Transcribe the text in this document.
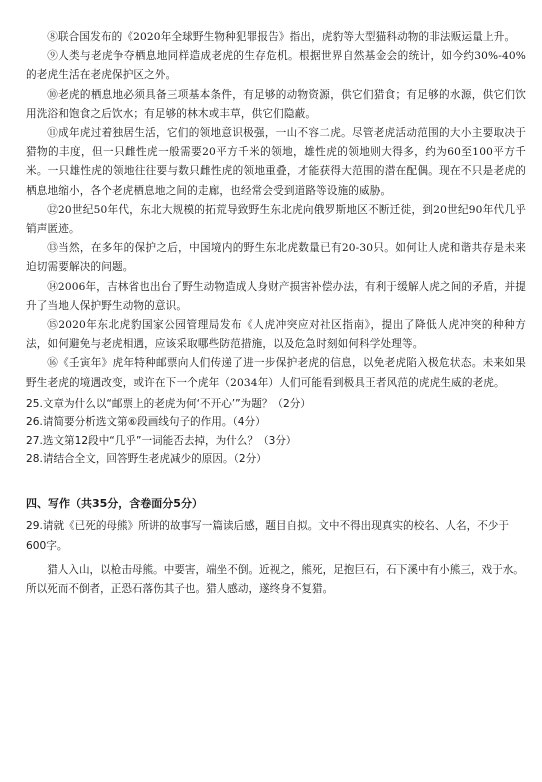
⑧联合国发布的《2020年全球野生物种犯罪报告》指出，虎豹等大型猫科动物的非法贩运量上升。

⑨人类与老虎争夺栖息地同样造成老虎的生存危机。根据世界自然基金会的统计，如今约30%-40%的老虎生活在老虎保护区之外。

⑩老虎的栖息地必须具备三项基本条件，有足够的动物资源，供它们猎食；有足够的水源，供它们饮用洗浴和饱食之后饮水；有足够的林木或丰草，供它们隐蔽。

⑪成年虎过着独居生活，它们的领地意识极强，一山不容二虎。尽管老虎活动范围的大小主要取决于猎物的丰度，但一只雌性虎一般需要20平方千米的领地，雄性虎的领地则大得多，约为60至100平方千米。一只雄性虎的领地往往要与数只雌性虎的领地重叠，才能获得大范围的潜在配偶。现在不只是老虎的栖息地缩小，各个老虎栖息地之间的走廊，也经常会受到道路等设施的威胁。

⑫20世纪50年代，东北大规模的拓荒导致野生东北虎向俄罗斯地区不断迁徙，到20世纪90年代几乎销声匿迹。

⑬当然，在多年的保护之后，中国境内的野生东北虎数量已有20-30只。如何让人虎和谐共存是未来迫切需要解决的问题。

⑭2006年，吉林省也出台了野生动物造成人身财产损害补偿办法，有利于缓解人虎之间的矛盾，并提升了当地人保护野生动物的意识。

⑮2020年东北虎豹国家公园管理局发布《人虎冲突应对社区指南》，提出了降低人虎冲突的种种方法，如何避免与老虎相遇，应该采取哪些防范措施，以及危急时刻如何科学处理等。

⑯《壬寅年》虎年特种邮票向人们传递了进一步保护老虎的信息，以免老虎陷入极危状态。未来如果野生老虎的境遇改变，或许在下一个虎年（2034年）人们可能看到极具王者风范的虎虎生威的老虎。

25.文章为什么以“邮票上的老虎为何‘不开心’”为题？（2分）

26.请简要分析选文第⑥段画线句子的作用。（4分）

27.选文第12段中“几乎”一词能否去掉，为什么？（3分）

28.请结合全文，回答野生老虎减少的原因。（2分）

四、写作（共35分，含卷面分5分）

29.请就《已死的母熊》所讲的故事写一篇读后感，题目自拟。文中不得出现真实的校名、人名，不少于600字。

猎人入山，以枪击母熊。中要害，端坐不倒。近视之，熊死，足抱巨石，石下溪中有小熊三，戏于水。所以死而不倒者，正恐石落伤其子也。猎人感动，遂终身不复猎。
